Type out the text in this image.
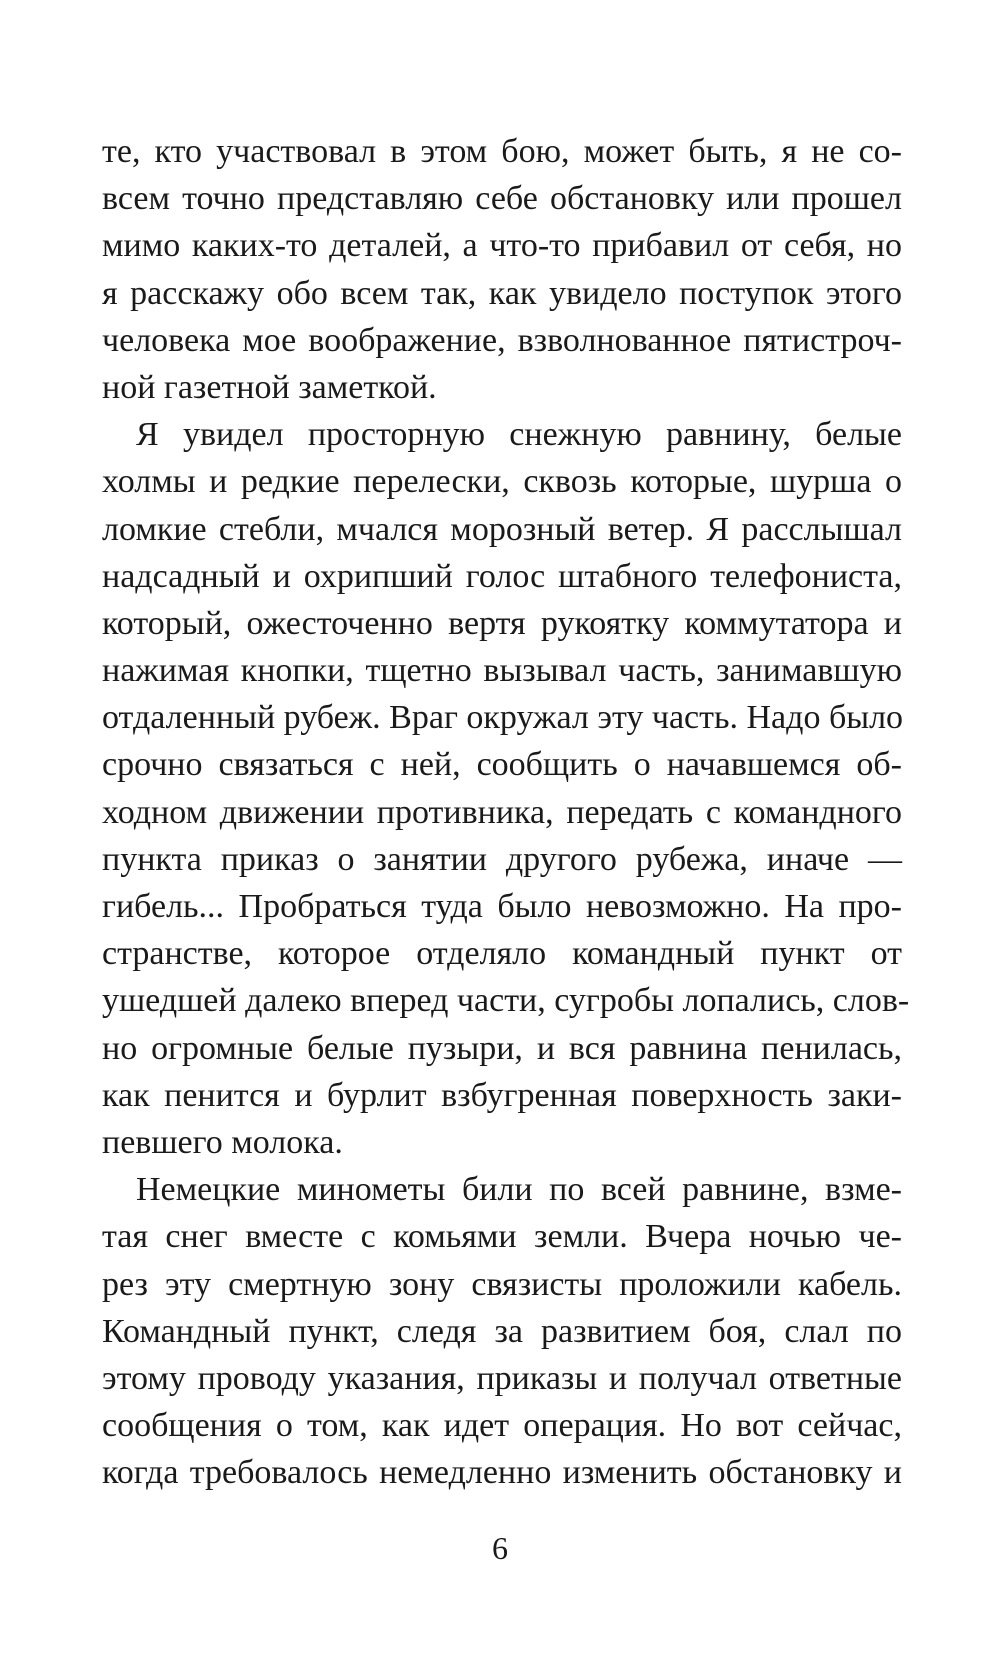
те, кто участвовал в этом бою, может быть, я не со-
всем точно представляю себе обстановку или прошел
мимо каких-то деталей, а что-то прибавил от себя, но
я расскажу обо всем так, как увидело поступок этого
человека мое воображение, взволнованное пятистроч-
ной газетной заметкой.
Я увидел просторную снежную равнину, белые
холмы и редкие перелески, сквозь которые, шурша о
ломкие стебли, мчался морозный ветер. Я расслышал
надсадный и охрипший голос штабного телефониста,
который, ожесточенно вертя рукоятку коммутатора и
нажимая кнопки, тщетно вызывал часть, занимавшую
отдаленный рубеж. Враг окружал эту часть. Надо было
срочно связаться с ней, сообщить о начавшемся об-
ходном движении противника, передать с командного
пункта приказ о занятии другого рубежа, иначе —
гибель... Пробраться туда было невозможно. На про-
странстве, которое отделяло командный пункт от
ушедшей далеко вперед части, сугробы лопались, слов-
но огромные белые пузыри, и вся равнина пенилась,
как пенится и бурлит взбугренная поверхность заки-
певшего молока.
Немецкие минометы били по всей равнине, взме-
тая снег вместе с комьями земли. Вчера ночью че-
рез эту смертную зону связисты проложили кабель.
Командный пункт, следя за развитием боя, слал по
этому проводу указания, приказы и получал ответные
сообщения о том, как идет операция. Но вот сейчас,
когда требовалось немедленно изменить обстановку и
6
